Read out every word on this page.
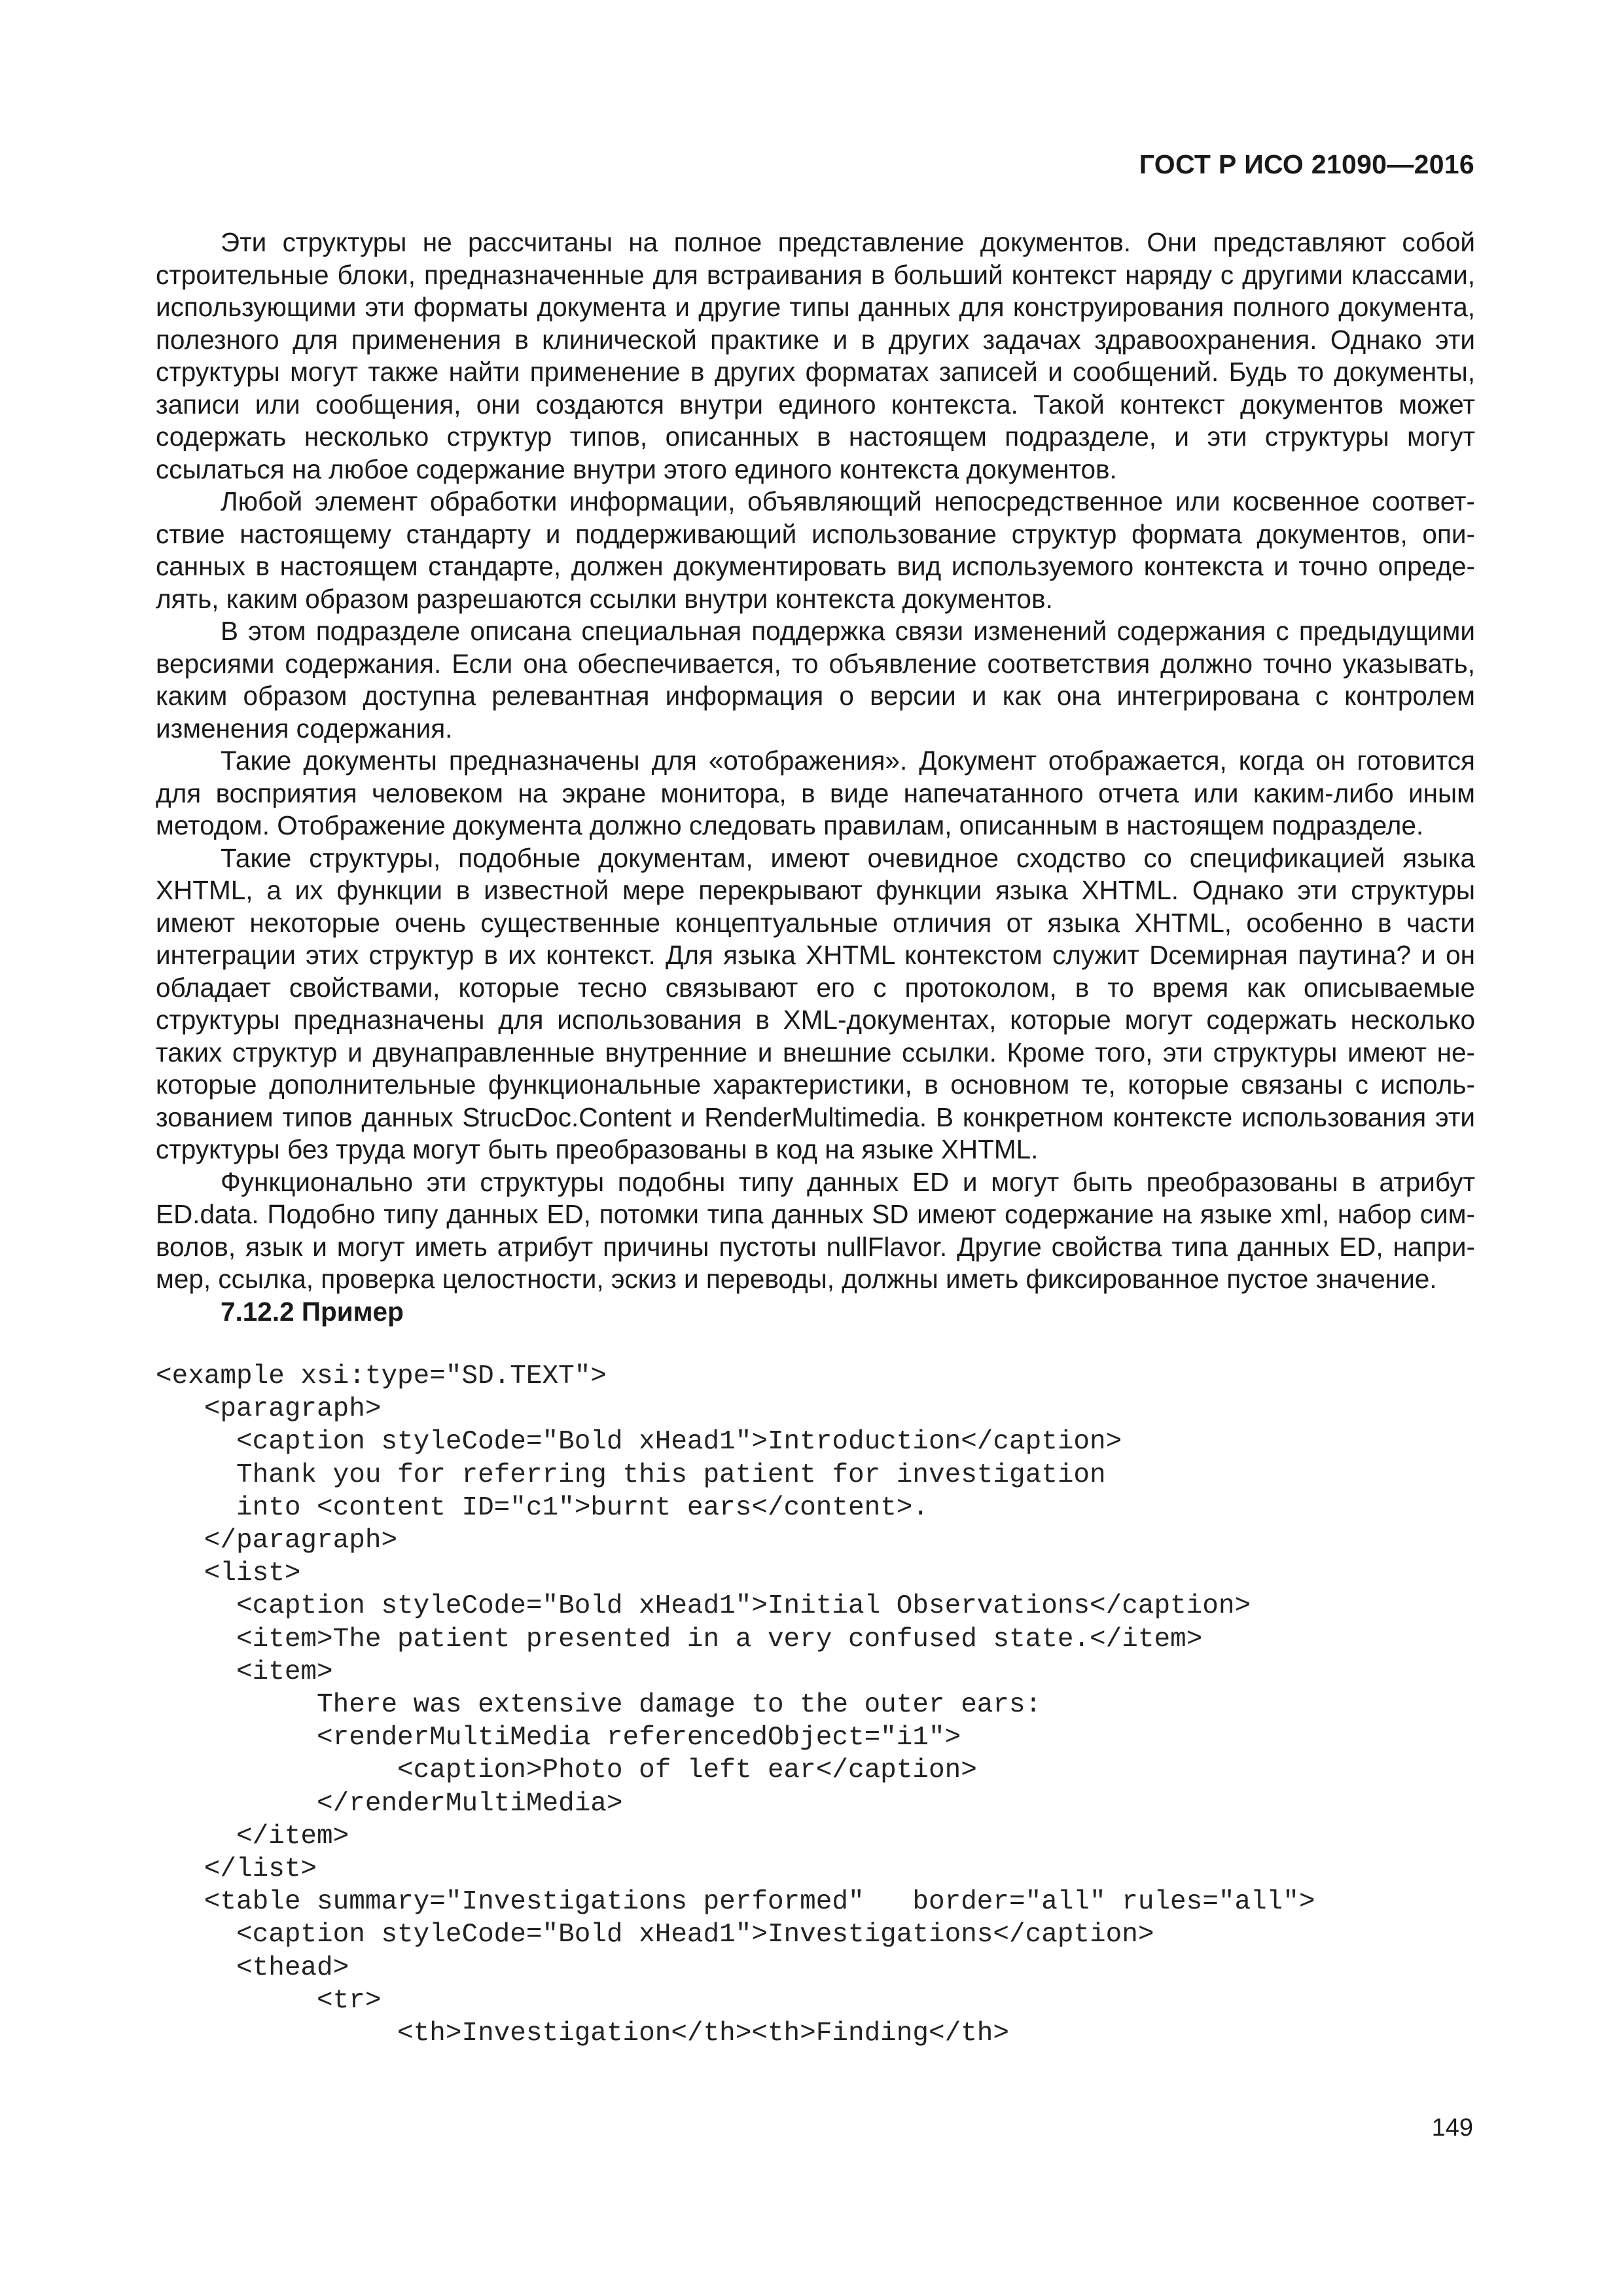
ГОСТ Р ИСО 21090—2016

Эти структуры не рассчитаны на полное представление документов. Они представляют собой строительные блоки, предназначенные для встраивания в больший контекст наряду с другими классами, использующими эти форматы документа и другие типы данных для конструирования полного документа, полезного для применения в клинической практике и в других задачах здравоохранения. Однако эти структуры могут также найти применение в других форматах записей и сообщений. Будь то документы, записи или сообщения, они создаются внутри единого контекста. Такой контекст документов может содержать несколько структур типов, описанных в настоящем подразделе, и эти структуры могут ссылаться на любое содержание внутри этого единого контекста документов.

Любой элемент обработки информации, объявляющий непосредственное или косвенное соответствие настоящему стандарту и поддерживающий использование структур формата документов, описанных в настоящем стандарте, должен документировать вид используемого контекста и точно определять, каким образом разрешаются ссылки внутри контекста документов.

В этом подразделе описана специальная поддержка связи изменений содержания с предыдущими версиями содержания. Если она обеспечивается, то объявление соответствия должно точно указывать, каким образом доступна релевантная информация о версии и как она интегрирована с контролем изменения содержания.

Такие документы предназначены для «отображения». Документ отображается, когда он готовится для восприятия человеком на экране монитора, в виде напечатанного отчета или каким-либо иным методом. Отображение документа должно следовать правилам, описанным в настоящем подразделе.

Такие структуры, подобные документам, имеют очевидное сходство со спецификацией языка XHTML, а их функции в известной мере перекрывают функции языка XHTML. Однако эти структуры имеют некоторые очень существенные концептуальные отличия от языка XHTML, особенно в части интеграции этих структур в их контекст. Для языка XHTML контекстом служит Dсемирная паутина? и он обладает свойствами, которые тесно связывают его с протоколом, в то время как описываемые структуры предназначены для использования в XML-документах, которые могут содержать несколько таких структур и двунаправленные внутренние и внешние ссылки. Кроме того, эти структуры имеют некоторые дополнительные функциональные характеристики, в основном те, которые связаны с использованием типов данных StrucDoc.Content и RenderMultimedia. В конкретном контексте использования эти структуры без труда могут быть преобразованы в код на языке XHTML.

Функционально эти структуры подобны типу данных ED и могут быть преобразованы в атрибут ED.data. Подобно типу данных ED, потомки типа данных SD имеют содержание на языке xml, набор символов, язык и могут иметь атрибут причины пустоты nullFlavor. Другие свойства типа данных ED, например, ссылка, проверка целостности, эскиз и переводы, должны иметь фиксированное пустое значение.

7.12.2 Пример

<example xsi:type="SD.TEXT">
<paragraph>
<caption styleCode="Bold xHead1">Introduction</caption>
Thank you for referring this patient for investigation
into <content ID="c1">burnt ears</content>.
</paragraph>
<list>
<caption styleCode="Bold xHead1">Initial Observations</caption>
<item>The patient presented in a very confused state.</item>
<item>
There was extensive damage to the outer ears:
<renderMultiMedia referencedObject="i1">
<caption>Photo of left ear</caption>
</renderMultiMedia>
</item>
</list>
<table summary="Investigations performed"   border="all" rules="all">
<caption styleCode="Bold xHead1">Investigations</caption>
<thead>
<tr>
<th>Investigation</th><th>Finding</th>
149
